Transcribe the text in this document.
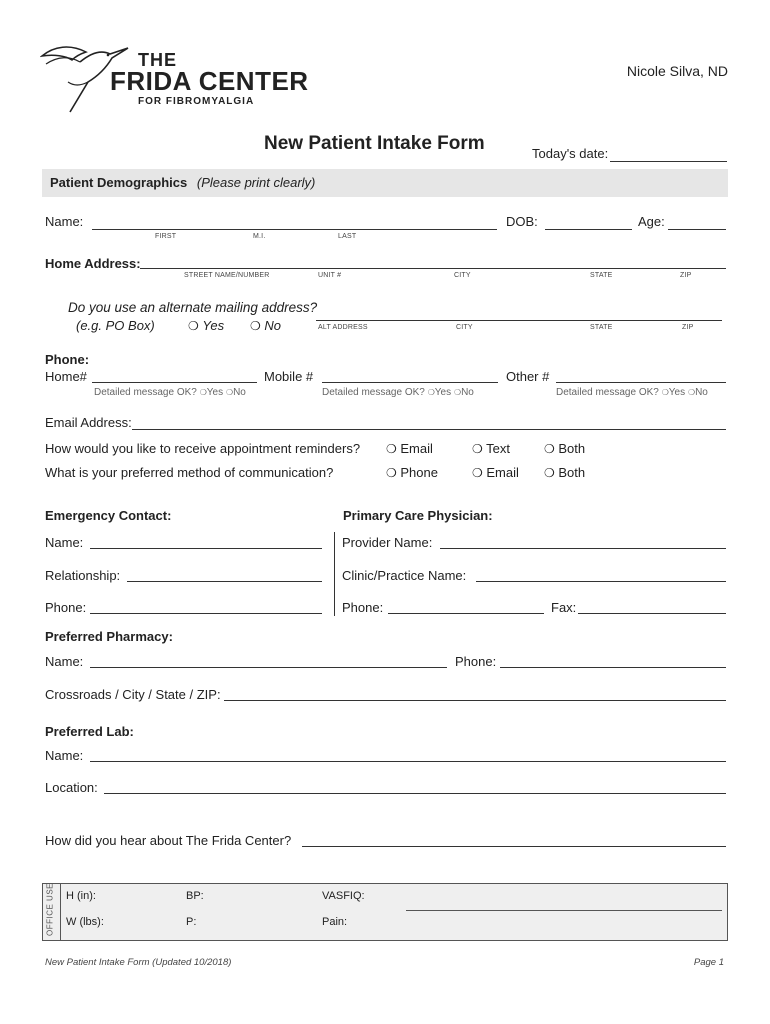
THE
FRIDA CENTER
FOR FIBROMYALGIA
Nicole Silva, ND
New Patient Intake Form	Today's date:
Patient Demographics (Please print clearly)
Name:
FIRST	M.I.	LAST
DOB:	Age:
Home Address:
STREET NAME/NUMBER	UNIT #	CITY	STATE	ZIP
Do you use an alternate mailing address?
(e.g. PO Box)	❍ Yes ❍ No	ALT ADDRESS	CITY	STATE	ZIP
Phone:
Home#	Mobile #	Other #
Detailed message OK? ❍Yes ❍No	Detailed message OK? ❍Yes ❍No	Detailed message OK? ❍Yes ❍No
Email Address:
How would you like to receive appointment reminders? ❍ Email	❍ Text	❍ Both
What is your preferred method of communication?	❍ Phone	❍ Email ❍ Both
Emergency Contact:	Primary Care Physician:
Name:	Provider Name:
Relationship:	Clinic/Practice Name:
Phone:	Phone:	Fax:
Preferred Pharmacy:
Name:	Phone:
Crossroads / City / State / ZIP:
Preferred Lab:
Name:
Location:
How did you hear about The Frida Center?
OFFICE USE H (in):	BP:	VASFIQ:
W (lbs):	P:	Pain:
New Patient Intake Form (Updated 10/2018)	Page 1
